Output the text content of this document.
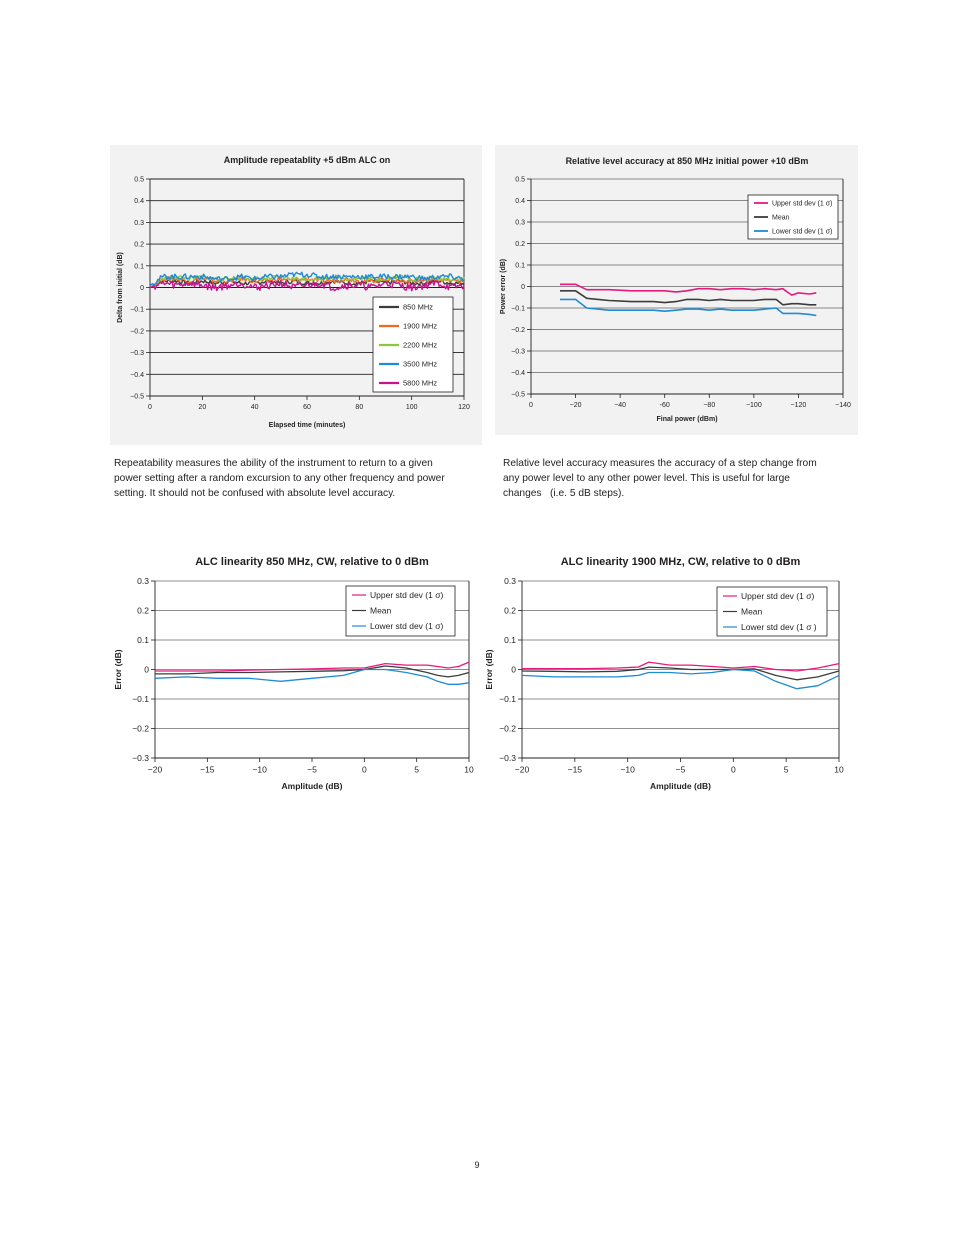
Amplitude repeatablity +5 dBm ALC on
0.5
0.4
0.3
0.2
0.1
0
−0.1
−0.2
−0.3
−0.4
−0.5
0	20	40	60	80	100	120
Elapsed time (minutes)
Delta from initial (dB)	850 MHz
1900 MHz
2200 MHz
3500 MHz
5800 MHz
Relative level accuracy at 850 MHz initial power +10 dBm
0.5
0.4
0.3
0.2
0.1
0
−0.1
−0.2
−0.3
−0.4
−0.5
0	−20	−40	-60	−80	−100	−120	−140
Final power (dBm)
Power error (dB)
Upper std dev (1 σ)
Mean
Lower std dev (1 σ)

Repeatability measures the ability of the instrument to return to a given
power setting after a random excursion to any other frequency and power
setting. It should not be confused with absolute level accuracy.

Relative level accuracy measures the accuracy of a step change from
any power level to any other power level. This is useful for large
changes   (i.e. 5 dB steps).

ALC linearity 850 MHz, CW, relative to 0 dBm
0.3
0.2
0.1
0
−0.1
−0.2
−0.3
−20	−15	−10	−5	0	5	10
Amplitude (dB)
Error (dB)
Upper std dev (1 σ)
Mean
Lower std dev (1 σ)
ALC linearity 1900 MHz, CW, relative to 0 dBm
0.3
0.2
0.1
0
−0.1
−0.2
−0.3
−20	−15	−10	−5	0	5	10
Amplitude (dB)
Error (dB)
Upper std dev (1 σ)
Mean
Lower std dev (1 σ )
9
